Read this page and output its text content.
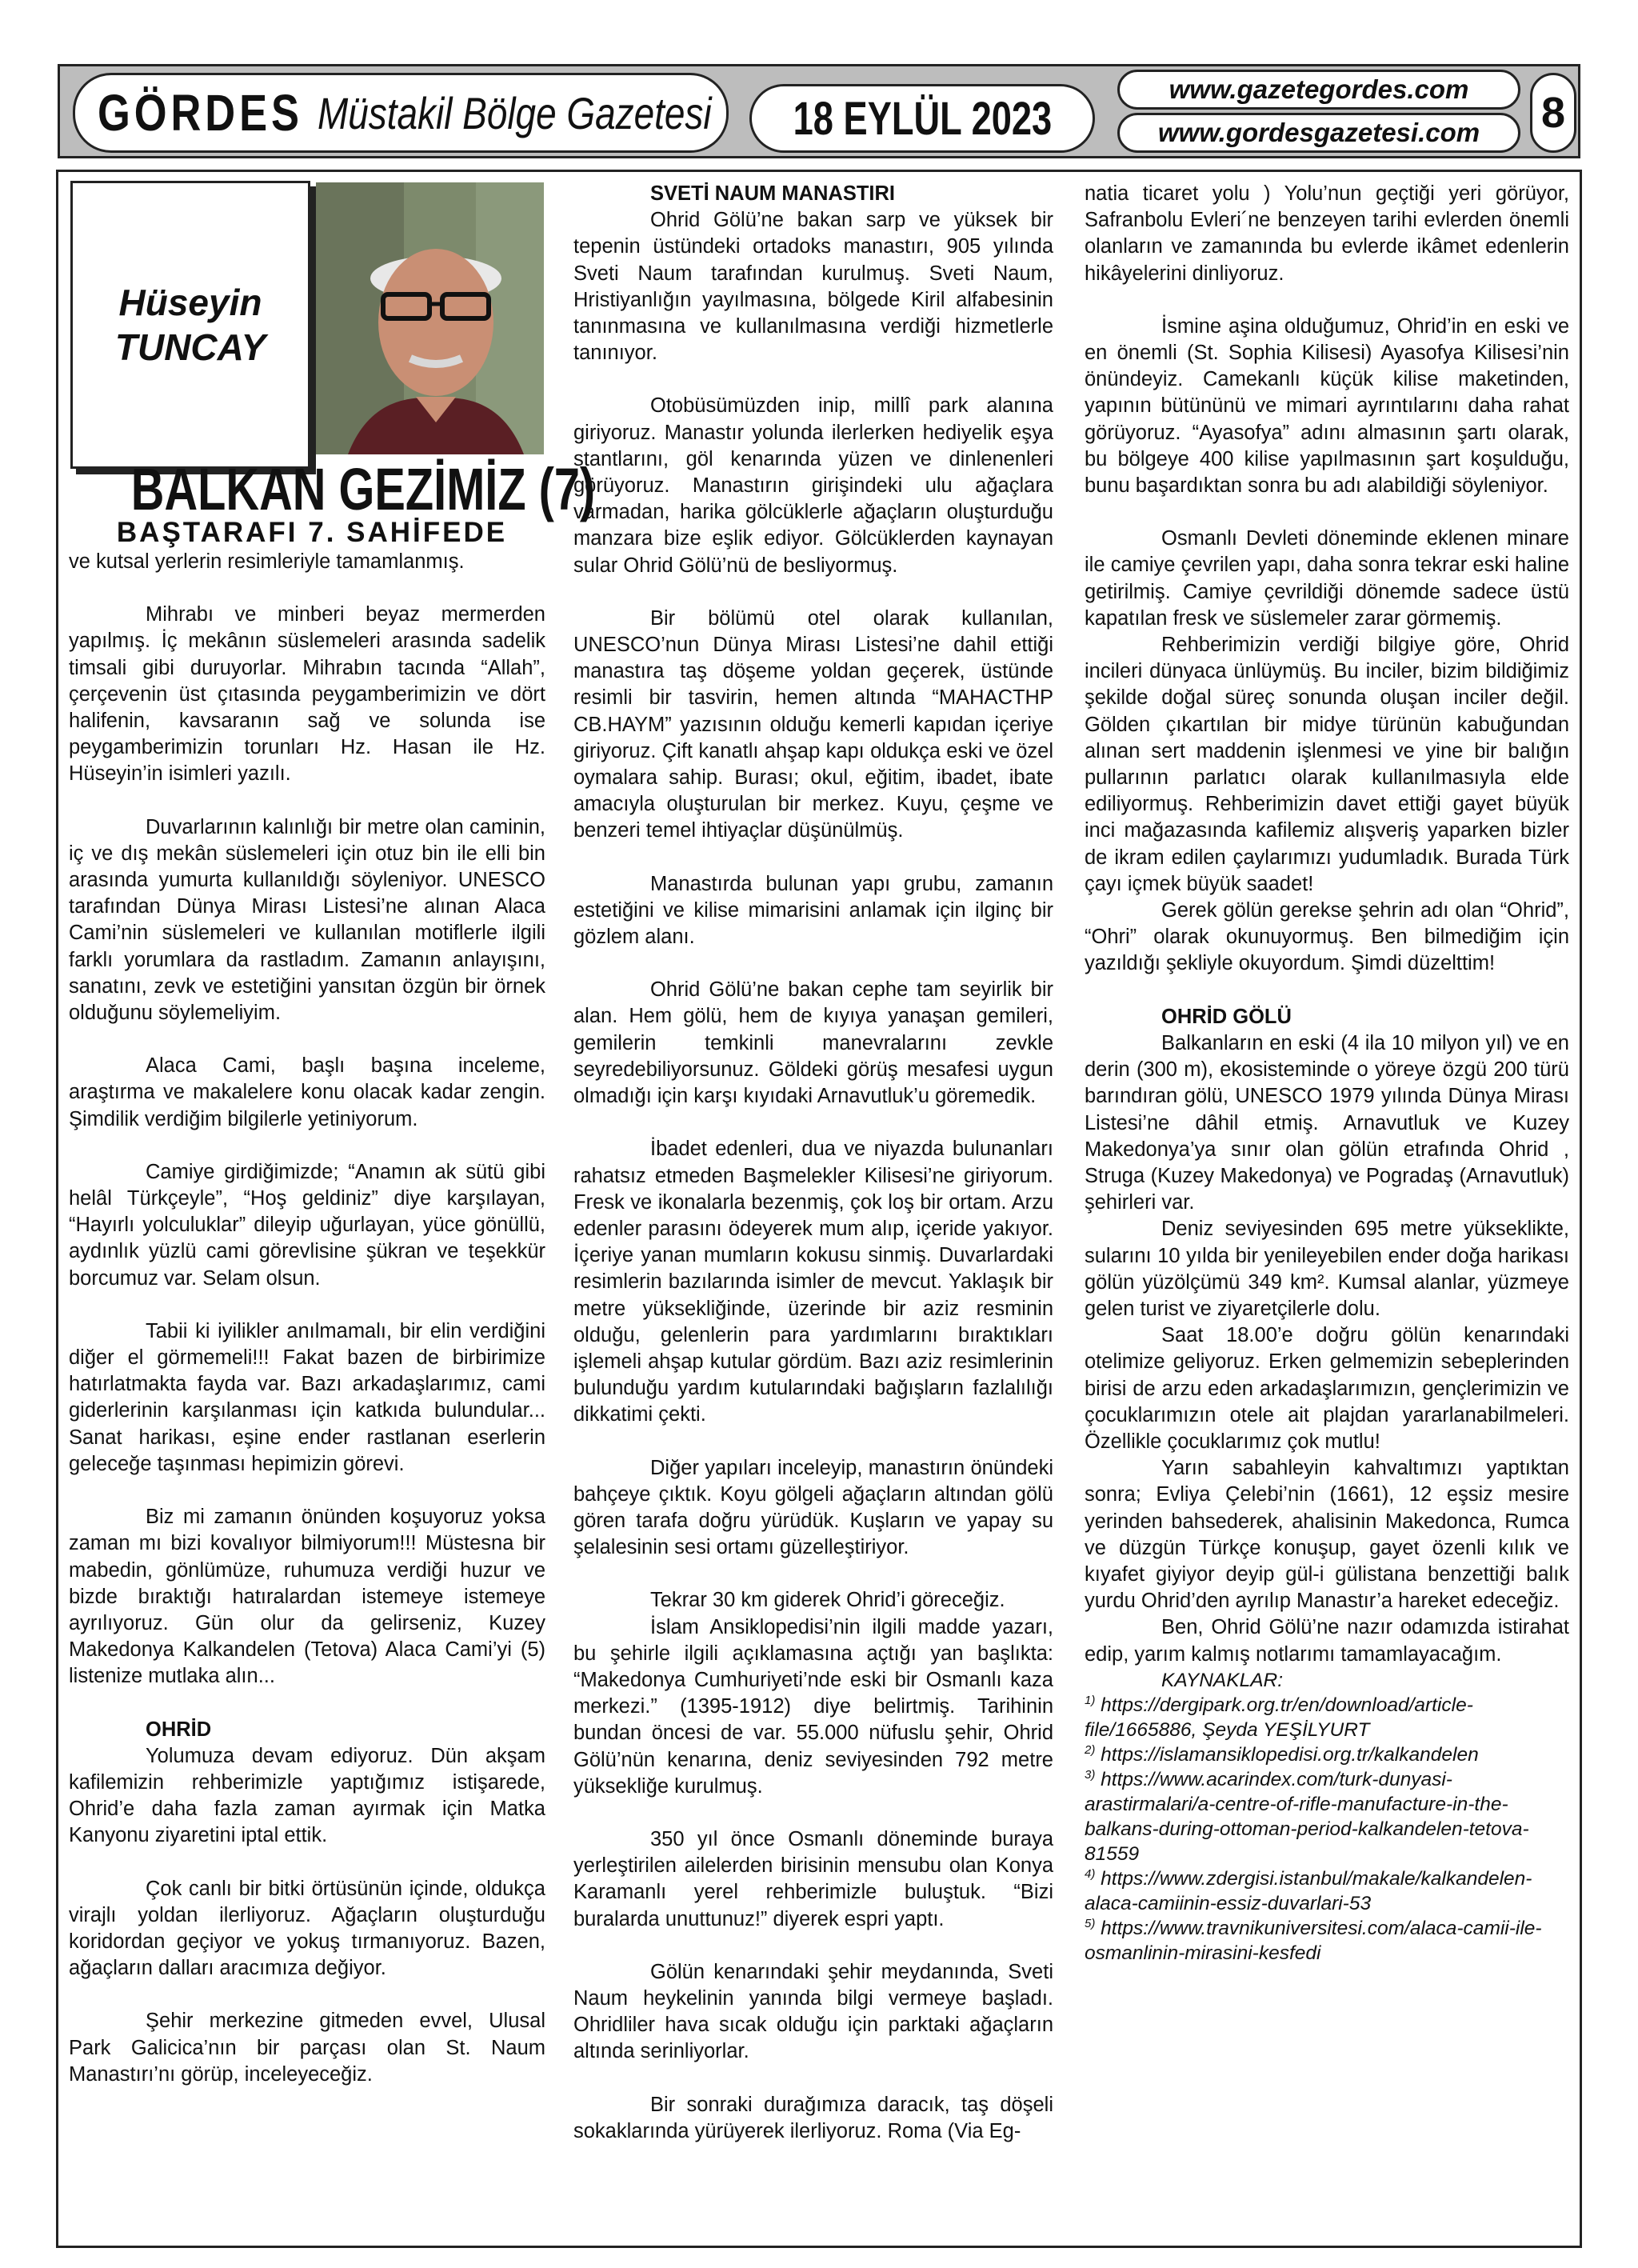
GÖRDES Müstakil Bölge Gazetesi 18 EYLÜL 2023
www.gazetegordes.com
www.gordesgazetesi.com 8
Hüseyin
TUNCAY
BALKAN GEZİMİZ (7)
BAŞTARAFI 7. SAHİFEDE

ve kutsal yerlerin resimleriyle tamamlanmış.

Mihrabı ve minberi beyaz mermerden yapılmış. İç mekânın süslemeleri arasında sadelik timsali gibi duruyorlar. Mihrabın tacında “Allah”, çerçevenin üst çıtasında peygamberimizin ve dört halifenin, kavsaranın sağ ve solunda ise peygamberimizin torunları Hz. Hasan ile Hz. Hüseyin’in isimleri yazılı.

Duvarlarının kalınlığı bir metre olan caminin, iç ve dış mekân süslemeleri için otuz bin ile elli bin arasında yumurta kullanıldığı söyleniyor. UNESCO tarafından Dünya Mirası Listesi’ne alınan Alaca Cami’nin süslemeleri ve kullanılan motiflerle ilgili farklı yorumlara da rastladım. Zamanın anlayışını, sanatını, zevk ve estetiğini yansıtan özgün bir örnek olduğunu söylemeliyim.

Alaca Cami, başlı başına inceleme, araştırma ve makalelere konu olacak kadar zengin. Şimdilik verdiğim bilgilerle yetiniyorum.

Camiye girdiğimizde; “Anamın ak sütü gibi helâl Türkçeyle”, “Hoş geldiniz” diye karşılayan, “Hayırlı yolculuklar” dileyip uğurlayan, yüce gönüllü, aydınlık yüzlü cami görevlisine şükran ve teşekkür borcumuz var. Selam olsun.

Tabii ki iyilikler anılmamalı, bir elin verdiğini diğer el görmemeli!!! Fakat bazen de birbirimize hatırlatmakta fayda var. Bazı arkadaşlarımız, cami giderlerinin karşılanması için katkıda bulundular... Sanat harikası, eşine ender rastlanan eserlerin geleceğe taşınması hepimizin görevi.

Biz mi zamanın önünden koşuyoruz yoksa zaman mı bizi kovalıyor bilmiyorum!!! Müstesna bir mabedin, gönlümüze, ruhumuza verdiği huzur ve bizde bıraktığı hatıralardan istemeye istemeye ayrılıyoruz. Gün olur da gelirseniz, Kuzey Makedonya Kalkandelen (Tetova) Alaca Cami’yi (5) listenize mutlaka alın...

OHRİD

Yolumuza devam ediyoruz. Dün akşam kafilemizin rehberimizle yaptığımız istişarede, Ohrid’e daha fazla zaman ayırmak için Matka Kanyonu ziyaretini iptal ettik.

Çok canlı bir bitki örtüsünün içinde, oldukça virajlı yoldan ilerliyoruz. Ağaçların oluşturduğu koridordan geçiyor ve yokuş tırmanıyoruz. Bazen, ağaçların dalları aracımıza değiyor.

Şehir merkezine gitmeden evvel, Ulusal Park Galicica’nın bir parçası olan St. Naum Manastırı’nı görüp, inceleyeceğiz.

SVETİ NAUM MANASTIRI

Ohrid Gölü’ne bakan sarp ve yüksek bir tepenin üstündeki ortadoks manastırı, 905 yılında Sveti Naum tarafından kurulmuş. Sveti Naum, Hristiyanlığın yayılmasına, bölgede Kiril alfabesinin tanınmasına ve kullanılmasına verdiği hizmetlerle tanınıyor.

Otobüsümüzden inip, millî park alanına giriyoruz. Manastır yolunda ilerlerken hediyelik eşya stantlarını, göl kenarında yüzen ve dinlenenleri görüyoruz. Manastırın girişindeki ulu ağaçlara varmadan, harika gölcüklerle ağaçların oluşturduğu manzara bize eşlik ediyor. Gölcüklerden kaynayan sular Ohrid Gölü’nü de besliyormuş.

Bir bölümü otel olarak kullanılan, UNESCO’nun Dünya Mirası Listesi’ne dahil ettiği manastıra taş döşeme yoldan geçerek, üstünde resimli bir tasvirin, hemen altında “MAHACTHP CB.HAYM” yazısının olduğu kemerli kapıdan içeriye giriyoruz. Çift kanatlı ahşap kapı oldukça eski ve özel oymalara sahip. Burası; okul, eğitim, ibadet, ibate amacıyla oluşturulan bir merkez. Kuyu, çeşme ve benzeri temel ihtiyaçlar düşünülmüş.

Manastırda bulunan yapı grubu, zamanın estetiğini ve kilise mimarisini anlamak için ilginç bir gözlem alanı.

Ohrid Gölü’ne bakan cephe tam seyirlik bir alan. Hem gölü, hem de kıyıya yanaşan gemileri, gemilerin temkinli manevralarını zevkle seyredebiliyorsunuz. Göldeki görüş mesafesi uygun olmadığı için karşı kıyıdaki Arnavutluk’u göremedik.

İbadet edenleri, dua ve niyazda bulunanları rahatsız etmeden Başmelekler Kilisesi’ne giriyorum. Fresk ve ikonalarla bezenmiş, çok loş bir ortam. Arzu edenler parasını ödeyerek mum alıp, içeride yakıyor. İçeriye yanan mumların kokusu sinmiş. Duvarlardaki resimlerin bazılarında isimler de mevcut. Yaklaşık bir metre yüksekliğinde, üzerinde bir aziz resminin olduğu, gelenlerin para yardımlarını bıraktıkları işlemeli ahşap kutular gördüm. Bazı aziz resimlerinin bulunduğu yardım kutularındaki bağışların fazlalılığı dikkatimi çekti.

Diğer yapıları inceleyip, manastırın önündeki bahçeye çıktık. Koyu gölgeli ağaçların altından gölü gören tarafa doğru yürüdük. Kuşların ve yapay su şelalesinin sesi ortamı güzelleştiriyor.

Tekrar 30 km giderek Ohrid’i göreceğiz.

İslam Ansiklopedisi’nin ilgili madde yazarı, bu şehirle ilgili açıklamasına açtığı yan başlıkta: “Makedonya Cumhuriyeti’nde eski bir Osmanlı kaza merkezi.” (1395-1912) diye belirtmiş. Tarihinin bundan öncesi de var. 55.000 nüfuslu şehir, Ohrid Gölü’nün kenarına, deniz seviyesinden 792 metre yüksekliğe kurulmuş.

350 yıl önce Osmanlı döneminde buraya yerleştirilen ailelerden birisinin mensubu olan Konya Karamanlı yerel rehberimizle buluştuk. “Bizi buralarda unuttunuz!” diyerek espri yaptı.

Gölün kenarındaki şehir meydanında, Sveti Naum heykelinin yanında bilgi vermeye başladı. Ohridliler hava sıcak olduğu için parktaki ağaçların altında serinliyorlar.

Bir sonraki durağımıza daracık, taş döşeli sokaklarında yürüyerek ilerliyoruz. Roma (Via Eg-

natia ticaret yolu ) Yolu’nun geçtiği yeri görüyor, Safranbolu Evleri´ne benzeyen tarihi evlerden önemli olanların ve zamanında bu evlerde ikâmet edenlerin hikâyelerini dinliyoruz.

İsmine aşina olduğumuz, Ohrid’in en eski ve en önemli (St. Sophia Kilisesi) Ayasofya Kilisesi’nin önündeyiz. Camekanlı küçük kilise maketinden, yapının bütününü ve mimari ayrıntılarını daha rahat görüyoruz. “Ayasofya” adını almasının şartı olarak, bu bölgeye 400 kilise yapılmasının şart koşulduğu, bunu başardıktan sonra bu adı alabildiği söyleniyor.

Osmanlı Devleti döneminde eklenen minare ile camiye çevrilen yapı, daha sonra tekrar eski haline getirilmiş. Camiye çevrildiği dönemde sadece üstü kapatılan fresk ve süslemeler zarar görmemiş.

Rehberimizin verdiği bilgiye göre, Ohrid incileri dünyaca ünlüymüş. Bu inciler, bizim bildiğimiz şekilde doğal süreç sonunda oluşan inciler değil. Gölden çıkartılan bir midye türünün kabuğundan alınan sert maddenin işlenmesi ve yine bir balığın pullarının parlatıcı olarak kullanılmasıyla elde ediliyormuş. Rehberimizin davet ettiği gayet büyük inci mağazasında kafilemiz alışveriş yaparken bizler de ikram edilen çaylarımızı yudumladık. Burada Türk çayı içmek büyük saadet!

Gerek gölün gerekse şehrin adı olan “Ohrid”, “Ohri” olarak okunuyormuş. Ben bilmediğim için yazıldığı şekliyle okuyordum. Şimdi düzelttim!

OHRİD GÖLÜ

Balkanların en eski (4 ila 10 milyon yıl) ve en derin (300 m), ekosisteminde o yöreye özgü 200 türü barındıran gölü, UNESCO 1979 yılında Dünya Mirası Listesi’ne dâhil etmiş. Arnavutluk ve Kuzey Makedonya’ya sınır olan gölün etrafında Ohrid , Struga (Kuzey Makedonya) ve Pogradaş (Arnavutluk) şehirleri var.

Deniz seviyesinden 695 metre yükseklikte, sularını 10 yılda bir yenileyebilen ender doğa harikası gölün yüzölçümü 349 km². Kumsal alanlar, yüzmeye gelen turist ve ziyaretçilerle dolu.

Saat 18.00’e doğru gölün kenarındaki otelimize geliyoruz. Erken gelmemizin sebeplerinden birisi de arzu eden arkadaşlarımızın, gençlerimizin ve çocuklarımızın otele ait plajdan yararlanabilmeleri. Özellikle çocuklarımız çok mutlu!

Yarın sabahleyin kahvaltımızı yaptıktan sonra; Evliya Çelebi’nin (1661), 12 eşsiz mesire yerinden bahsederek, ahalisinin Makedonca, Rumca ve düzgün Türkçe konuşup, gayet özenli kılık ve kıyafet giyiyor deyip gül-i gülistana benzettiği balık yurdu Ohrid’den ayrılıp Manastır’a hareket edeceğiz.

Ben, Ohrid Gölü’ne nazır odamızda istirahat edip, yarım kalmış notlarımı tamamlayacağım.

KAYNAKLAR:

$^{1)}$ https://dergipark.org.tr/en/download/article-file/1665886, Şeyda YEŞİLYURT

$^{2)}$ https://islamansiklopedisi.org.tr/kalkandelen

$^{3)}$ https://www.acarindex.com/turk-dunyasi-arastirmalari/a-centre-of-rifle-manufacture-in-the-balkans-during-ottoman-period-kalkandelen-tetova-81559

$^{4)}$ https://www.zdergisi.istanbul/makale/kalkandelen-alaca-camiinin-essiz-duvarlari-53

$^{5)}$ https://www.travnikuniversitesi.com/alaca-camii-ile-osmanlinin-mirasini-kesfedi
